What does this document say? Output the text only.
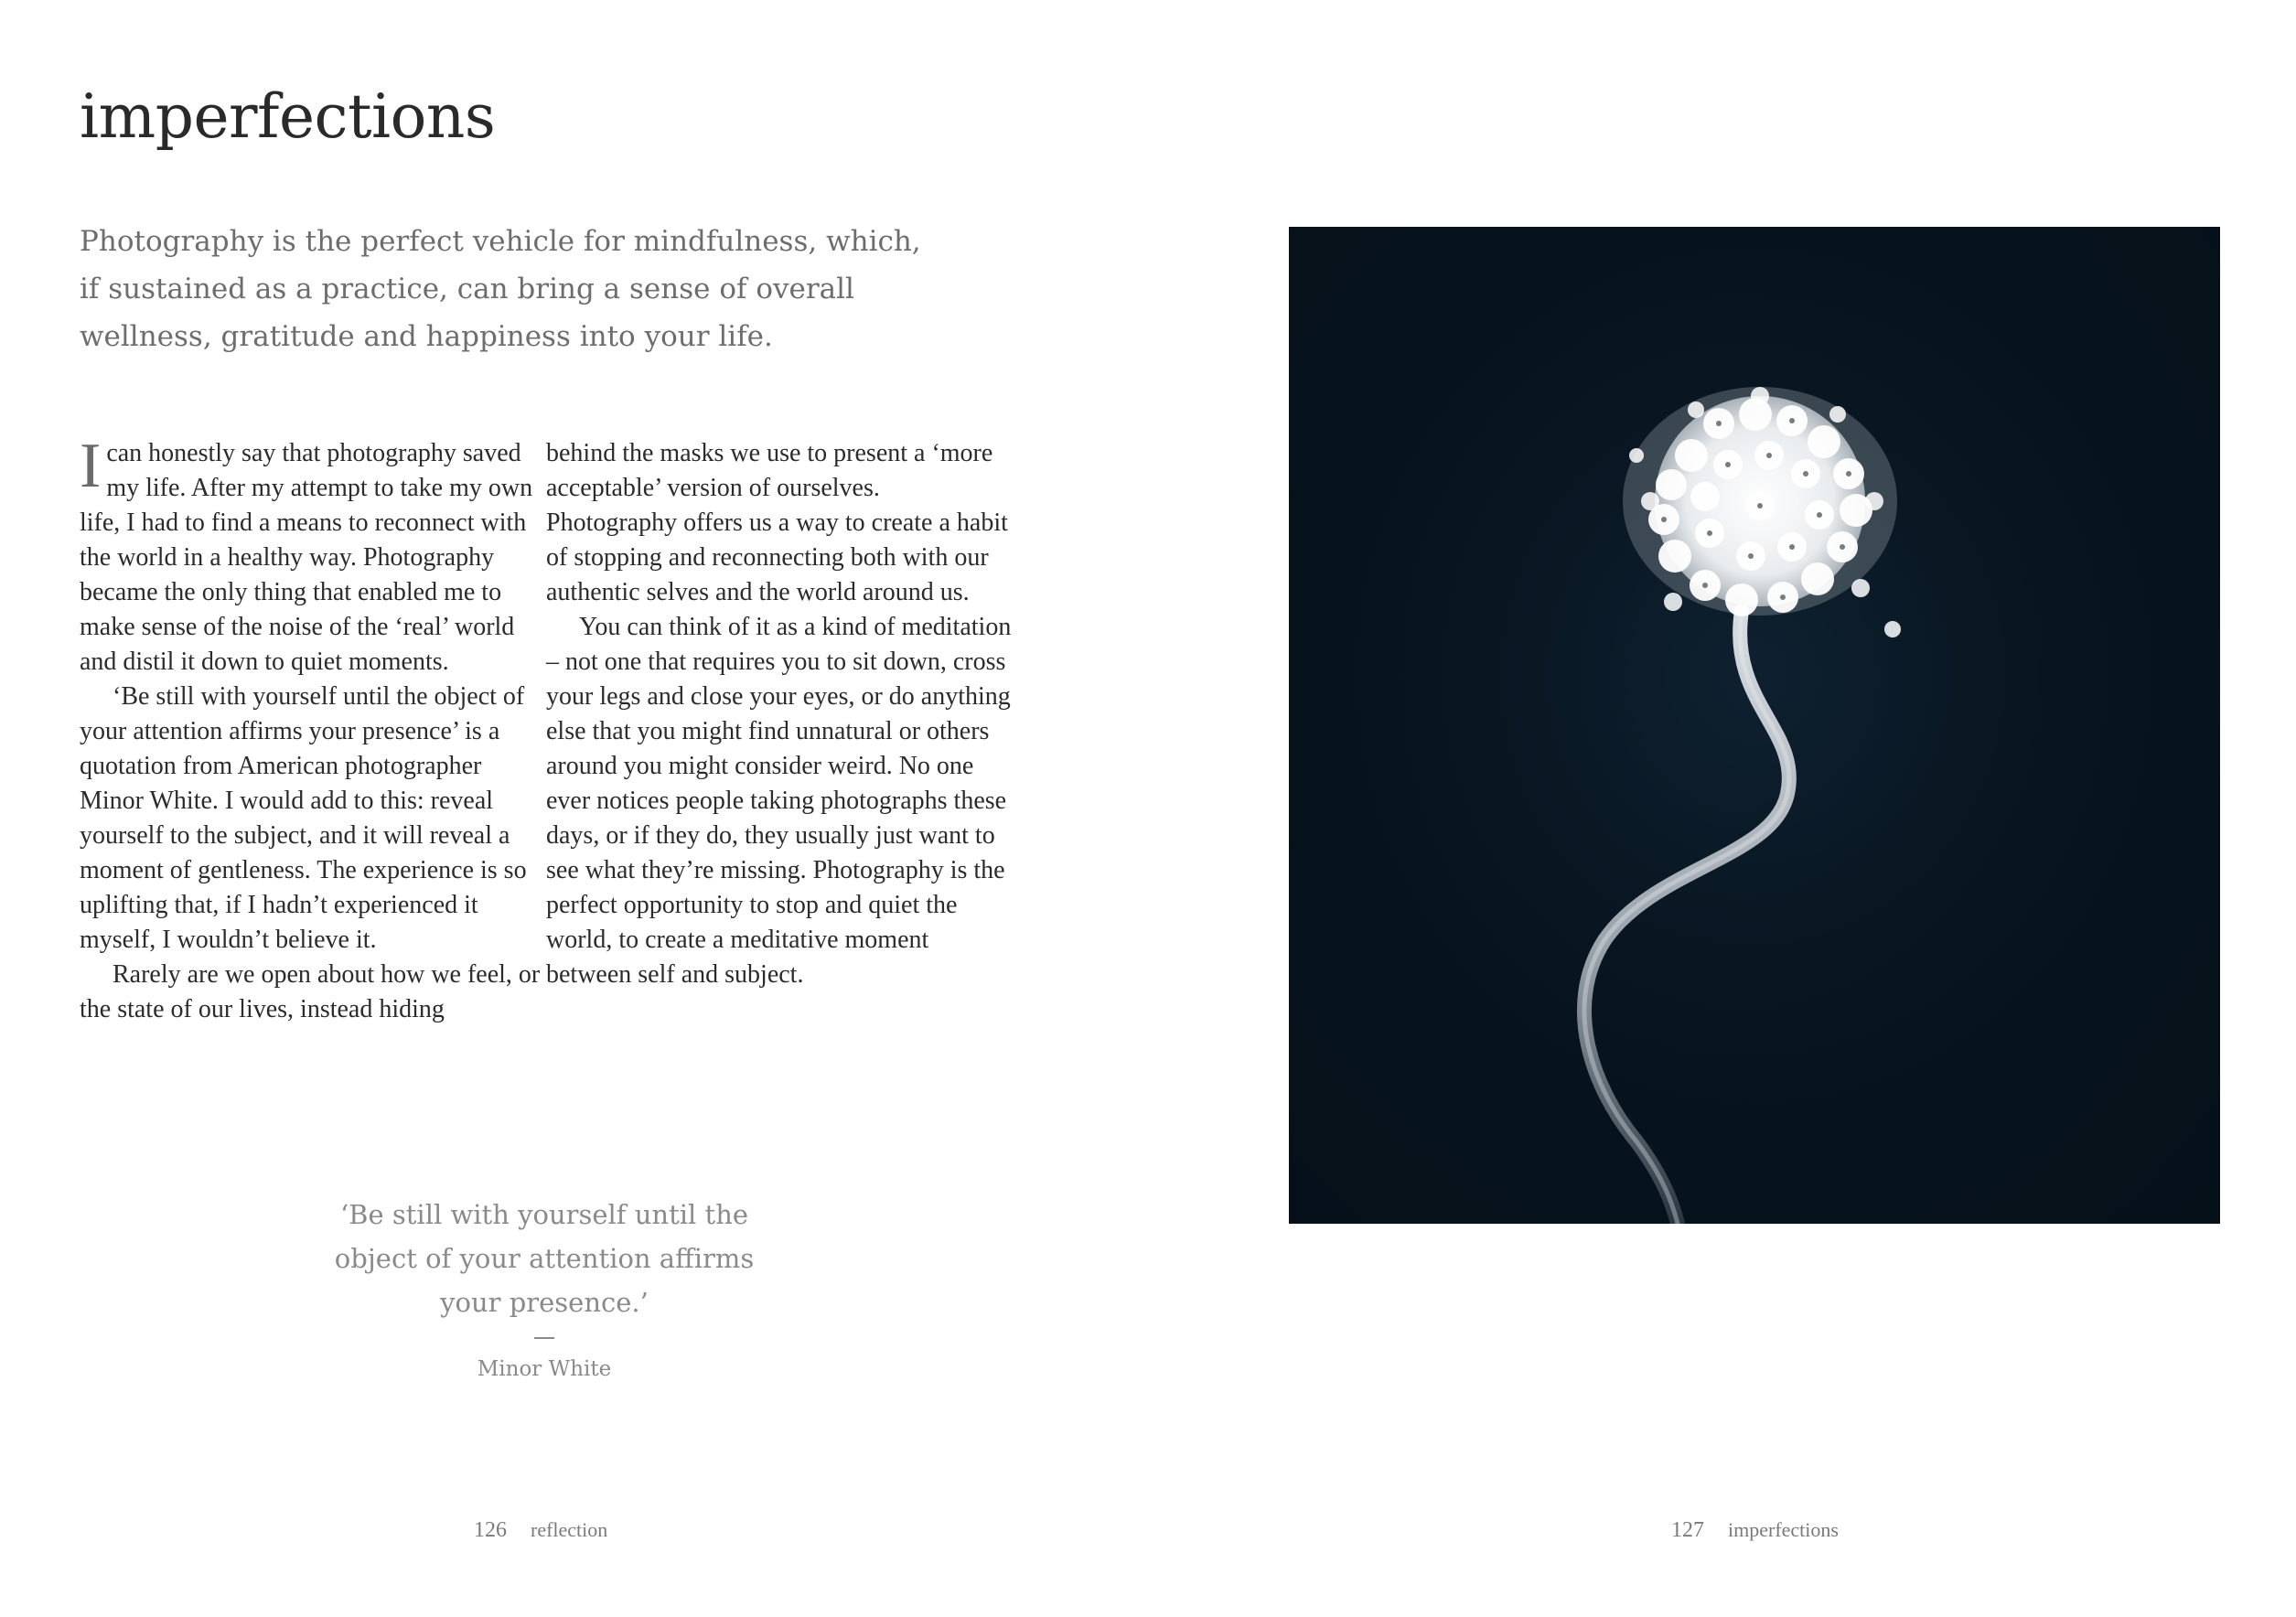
imperfections

Photography is the perfect vehicle for mindfulness, which, if sustained as a practice, can bring a sense of overall wellness, gratitude and happiness into your life.

Ican honestly say that photography saved my life. After my attempt to take my own life, I had to find a means to reconnect with the world in a healthy way. Photography became the only thing that enabled me to make sense of the noise of the ‘real’ world and distil it down to quiet moments.

‘Be still with yourself until the object of your attention affirms your presence’ is a quotation from American photographer Minor White. I would add to this: reveal yourself to the subject, and it will reveal a moment of gentleness. The experience is so uplifting that, if I hadn’t experienced it myself, I wouldn’t believe it.

Rarely are we open about how we feel, or the state of our lives, instead hiding

behind the masks we use to present a ‘more acceptable’ version of ourselves. Photography offers us a way to create a habit of stopping and reconnecting both with our authentic selves and the world around us.

You can think of it as a kind of meditation – not one that requires you to sit down, cross your legs and close your eyes, or do anything else that you might find unnatural or others around you might consider weird. No one ever notices people taking photographs these days, or if they do, they usually just want to see what they’re missing. Photography is the perfect opportunity to stop and quiet the world, to create a meditative moment between self and subject.

‘Be still with yourself until the object of your attention affirms your presence.’

Minor White

126 reflection	127 imperfections
